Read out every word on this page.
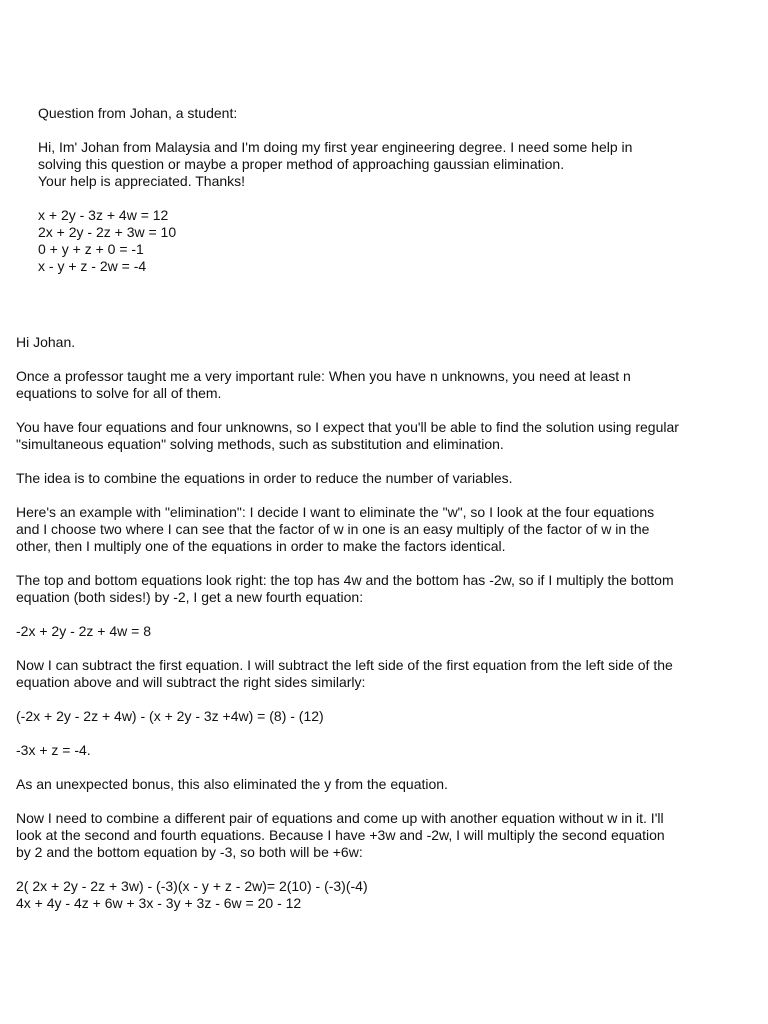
Question from Johan, a student:

Hi, Im' Johan from Malaysia and I'm doing my first year engineering degree. I need some help in
solving this question or maybe a proper method of approaching gaussian elimination.
Your help is appreciated. Thanks!

x + 2y - 3z + 4w = 12
2x + 2y - 2z + 3w = 10
0 + y + z + 0 = -1
x - y + z - 2w = -4

Hi Johan.

Once a professor taught me a very important rule: When you have n unknowns, you need at least n
equations to solve for all of them.

You have four equations and four unknowns, so I expect that you'll be able to find the solution using regular
"simultaneous equation" solving methods, such as substitution and elimination.

The idea is to combine the equations in order to reduce the number of variables.

Here's an example with "elimination": I decide I want to eliminate the "w", so I look at the four equations
and I choose two where I can see that the factor of w in one is an easy multiply of the factor of w in the
other, then I multiply one of the equations in order to make the factors identical.

The top and bottom equations look right: the top has 4w and the bottom has -2w, so if I multiply the bottom
equation (both sides!) by -2, I get a new fourth equation:

-2x + 2y - 2z + 4w = 8

Now I can subtract the first equation. I will subtract the left side of the first equation from the left side of the
equation above and will subtract the right sides similarly:

(-2x + 2y - 2z + 4w) - (x + 2y - 3z +4w) = (8) - (12)

-3x + z = -4.

As an unexpected bonus, this also eliminated the y from the equation.

Now I need to combine a different pair of equations and come up with another equation without w in it. I'll
look at the second and fourth equations. Because I have +3w and -2w, I will multiply the second equation
by 2 and the bottom equation by -3, so both will be +6w:

2( 2x + 2y - 2z + 3w) - (-3)(x - y + z - 2w)= 2(10) - (-3)(-4)
4x + 4y - 4z + 6w + 3x - 3y + 3z - 6w = 20 - 12
